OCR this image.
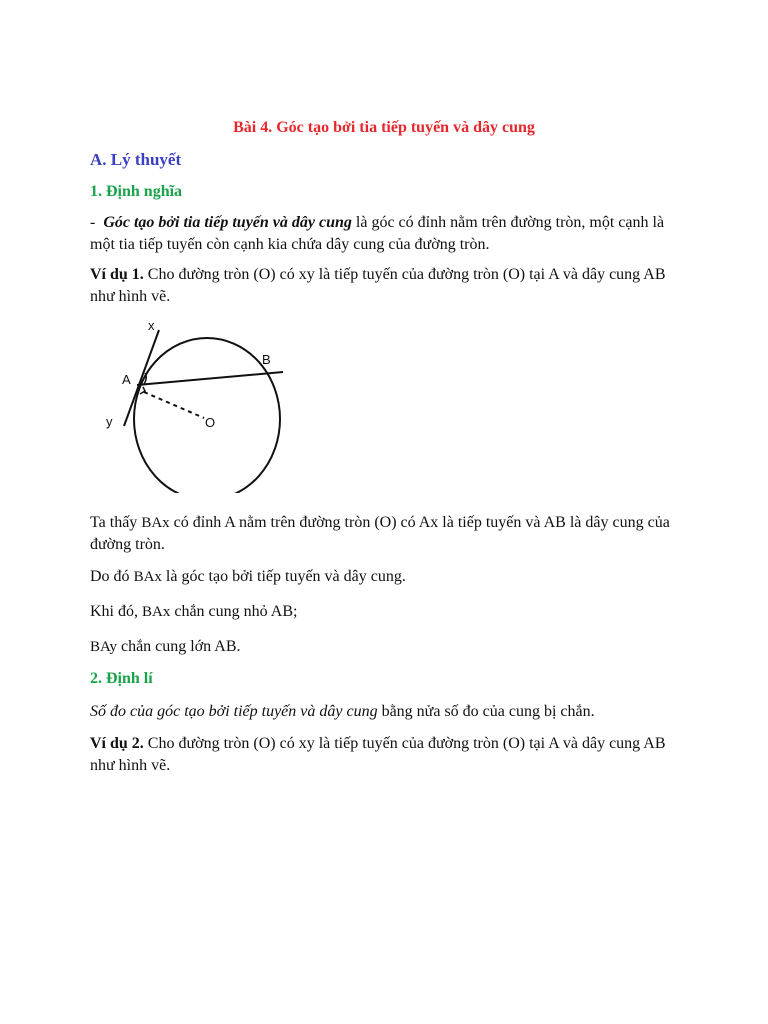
Bài 4. Góc tạo bởi tia tiếp tuyến và dây cung
A. Lý thuyết
1. Định nghĩa

- Góc tạo bởi tia tiếp tuyến và dây cung là góc có đỉnh nằm trên đường tròn, một cạnh là một tia tiếp tuyến còn cạnh kia chứa dây cung của đường tròn.

Ví dụ 1. Cho đường tròn (O) có xy là tiếp tuyến của đường tròn (O) tại A và dây cung AB như hình vẽ.

x
y
A
B
O

Ta thấy BAx có đỉnh A nằm trên đường tròn (O) có Ax là tiếp tuyến và AB là dây cung của đường tròn.

Do đó BAx là góc tạo bởi tiếp tuyến và dây cung.

Khi đó, BAx chắn cung nhỏ AB;

BAy chắn cung lớn AB.

2. Định lí

Số đo của góc tạo bởi tiếp tuyến và dây cung bằng nửa số đo của cung bị chắn.

Ví dụ 2. Cho đường tròn (O) có xy là tiếp tuyến của đường tròn (O) tại A và dây cung AB như hình vẽ.
